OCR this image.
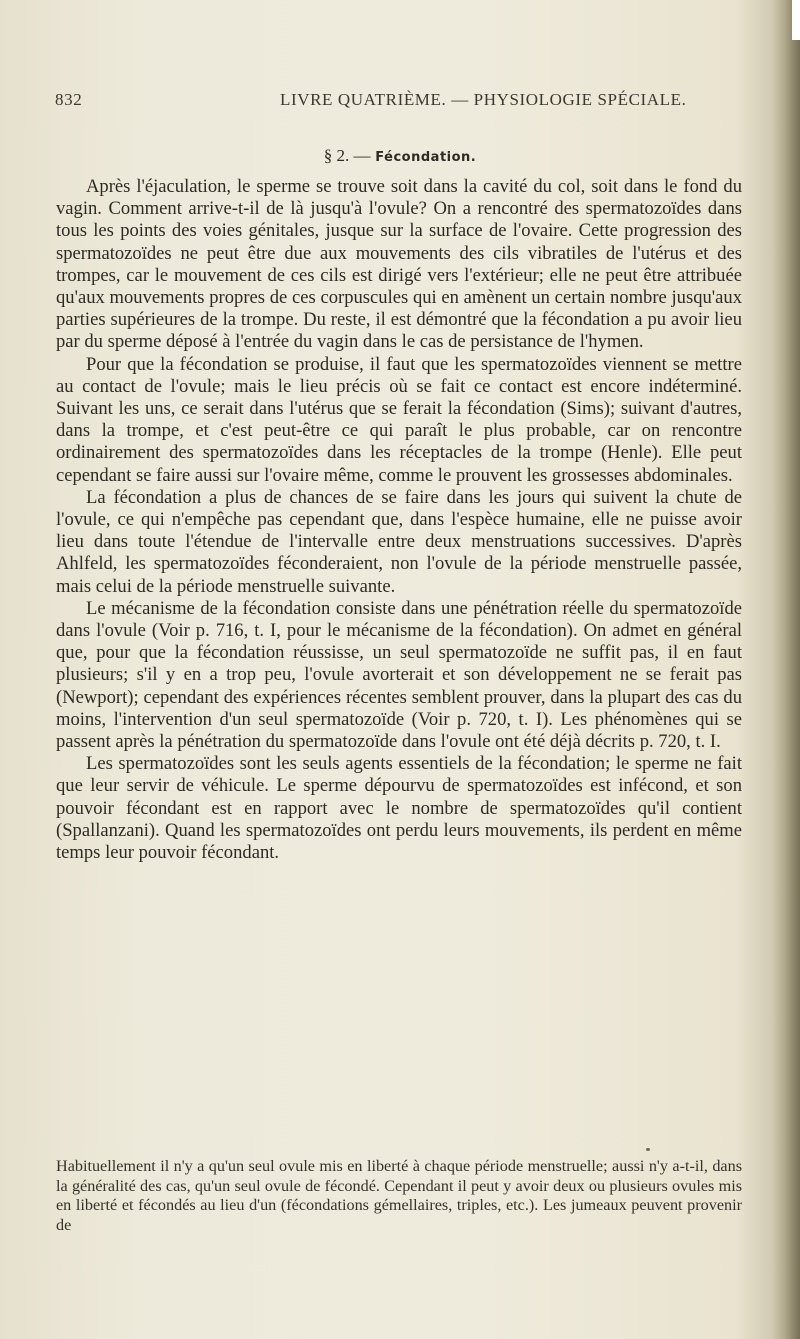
832	LIVRE QUATRIÈME. — PHYSIOLOGIE SPÉCIALE.
§ 2. — Fécondation.

Après l'éjaculation, le sperme se trouve soit dans la cavité du col, soit dans le fond du vagin. Comment arrive-t-il de là jusqu'à l'ovule? On a rencontré des spermatozoïdes dans tous les points des voies génitales, jusque sur la surface de l'ovaire. Cette progression des spermatozoïdes ne peut être due aux mouvements des cils vibratiles de l'utérus et des trompes, car le mouvement de ces cils est dirigé vers l'extérieur; elle ne peut être attribuée qu'aux mouvements propres de ces corpuscules qui en amènent un certain nombre jusqu'aux parties supérieures de la trompe. Du reste, il est démontré que la fécondation a pu avoir lieu par du sperme déposé à l'entrée du vagin dans le cas de persistance de l'hymen.

Pour que la fécondation se produise, il faut que les spermatozoïdes viennent se mettre au contact de l'ovule; mais le lieu précis où se fait ce contact est encore indéterminé. Suivant les uns, ce serait dans l'utérus que se ferait la fécondation (Sims); suivant d'autres, dans la trompe, et c'est peut-être ce qui paraît le plus probable, car on rencontre ordinairement des spermatozoïdes dans les réceptacles de la trompe (Henle). Elle peut cependant se faire aussi sur l'ovaire même, comme le prouvent les grossesses abdominales.

La fécondation a plus de chances de se faire dans les jours qui suivent la chute de l'ovule, ce qui n'empêche pas cependant que, dans l'espèce humaine, elle ne puisse avoir lieu dans toute l'étendue de l'intervalle entre deux menstruations successives. D'après Ahlfeld, les spermatozoïdes féconderaient, non l'ovule de la période menstruelle passée, mais celui de la période menstruelle suivante.

Le mécanisme de la fécondation consiste dans une pénétration réelle du spermatozoïde dans l'ovule (Voir p. 716, t. I, pour le mécanisme de la fécondation). On admet en général que, pour que la fécondation réussisse, un seul spermatozoïde ne suffit pas, il en faut plusieurs; s'il y en a trop peu, l'ovule avorterait et son développement ne se ferait pas (Newport); cependant des expériences récentes semblent prouver, dans la plupart des cas du moins, l'intervention d'un seul spermatozoïde (Voir p. 720, t. I). Les phénomènes qui se passent après la pénétration du spermatozoïde dans l'ovule ont été déjà décrits p. 720, t. I.

Les spermatozoïdes sont les seuls agents essentiels de la fécondation; le sperme ne fait que leur servir de véhicule. Le sperme dépourvu de spermatozoïdes est infécond, et son pouvoir fécondant est en rapport avec le nombre de spermatozoïdes qu'il contient (Spallanzani). Quand les spermatozoïdes ont perdu leurs mouvements, ils perdent en même temps leur pouvoir fécondant.

Habituellement il n'y a qu'un seul ovule mis en liberté à chaque période menstruelle; aussi n'y a-t-il, dans la généralité des cas, qu'un seul ovule de fécondé. Cependant il peut y avoir deux ou plusieurs ovules mis en liberté et fécondés au lieu d'un (fécondations gémellaires, triples, etc.). Les jumeaux peuvent provenir de
